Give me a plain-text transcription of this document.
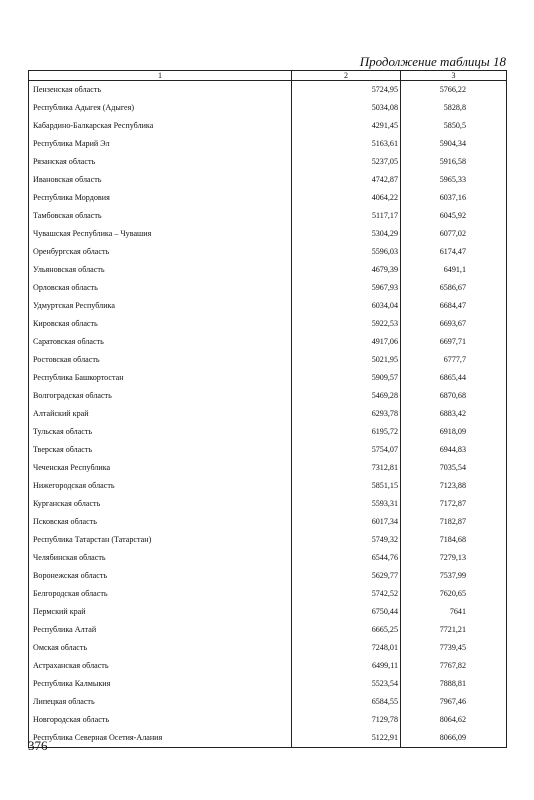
Продолжение таблицы 18
1	2	3
Пензенская область	5724,95	5766,22
Республика Адыгея (Адыгея)	5034,08	5828,8
Кабардино-Балкарская Республика	4291,45	5850,5
Республика Марий Эл	5163,61	5904,34
Рязанская область	5237,05	5916,58
Ивановская область	4742,87	5965,33
Республика Мордовия	4064,22	6037,16
Тамбовская область	5117,17	6045,92
Чувашская Республика – Чувашия	5304,29	6077,02
Оренбургская область	5596,03	6174,47
Ульяновская область	4679,39	6491,1
Орловская область	5967,93	6586,67
Удмуртская Республика	6034,04	6684,47
Кировская область	5922,53	6693,67
Саратовская область	4917,06	6697,71
Ростовская область	5021,95	6777,7
Республика Башкортостан	5909,57	6865,44
Волгоградская область	5469,28	6870,68
Алтайский край	6293,78	6883,42
Тульская область	6195,72	6918,09
Тверская область	5754,07	6944,83
Чеченская Республика	7312,81	7035,54
Нижегородская область	5851,15	7123,88
Курганская область	5593,31	7172,87
Псковская область	6017,34	7182,87
Республика Татарстан (Татарстан)	5749,32	7184,68
Челябинская область	6544,76	7279,13
Воронежская область	5629,77	7537,99
Белгородская область	5742,52	7620,65
Пермский край	6750,44	7641
Республика Алтай	6665,25	7721,21
Омская область	7248,01	7739,45
Астраханская область	6499,11	7767,82
Республика Калмыкия	5523,54	7888,81
Липецкая область	6584,55	7967,46
Новгородская область	7129,78	8064,62
Республика Северная Осетия-Алания	5122,91	8066,09
376
